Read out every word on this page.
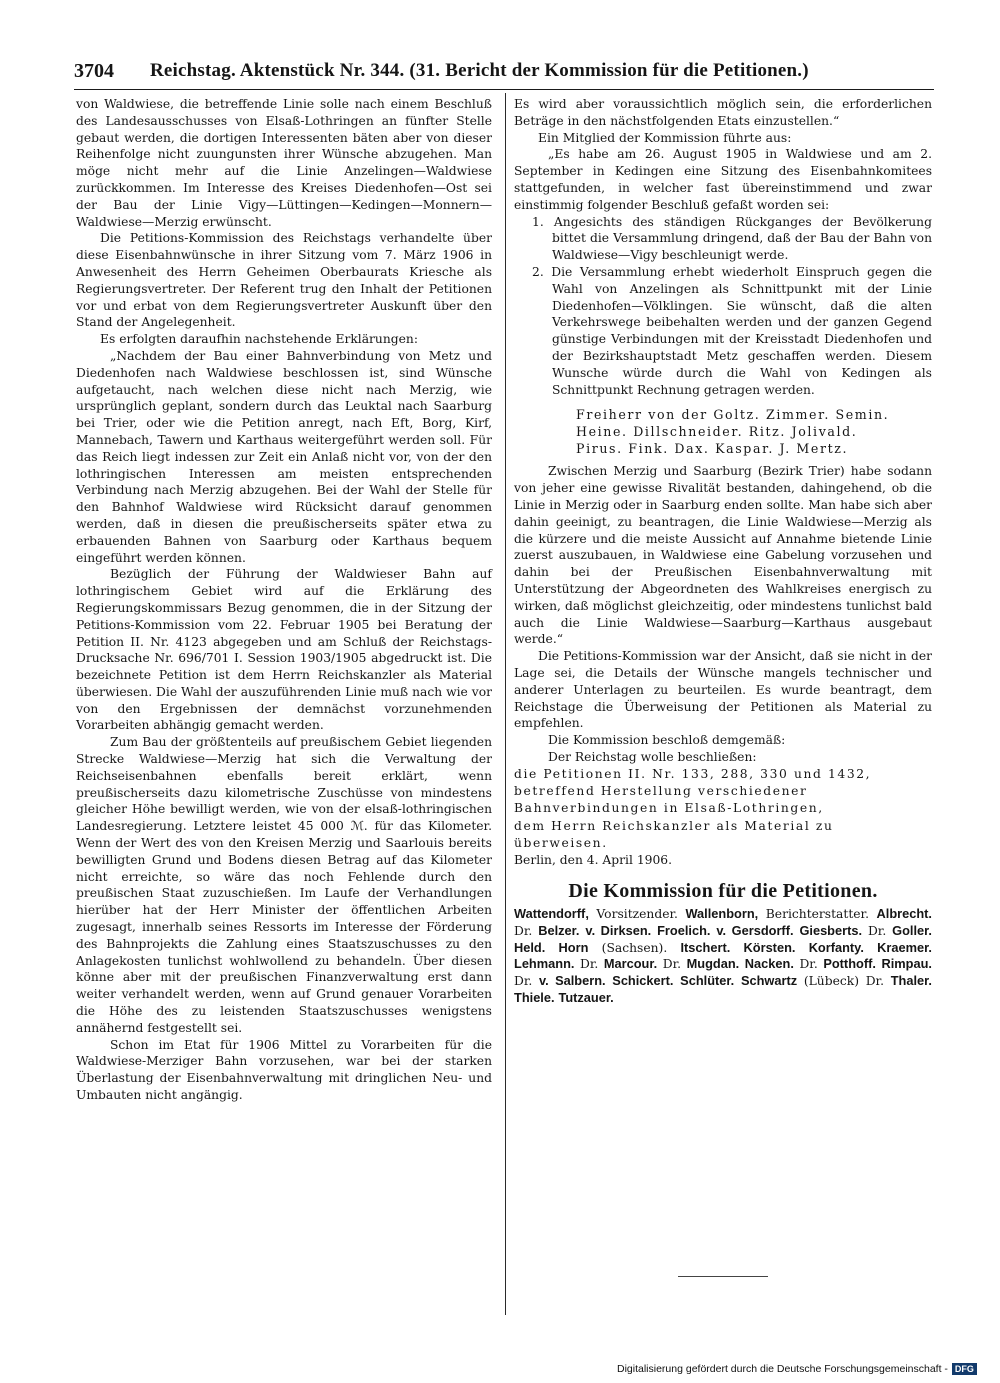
3704 Reichstag. Aktenstück Nr. 344. (31. Bericht der Kommission für die Petitionen.)

von Waldwiese, die betreffende Linie solle nach einem Beschluß des Landesausschusses von Elsaß-Lothringen an fünfter Stelle gebaut werden, die dortigen Interessenten bäten aber von dieser Reihenfolge nicht zuungunsten ihrer Wünsche abzugehen. Man möge nicht mehr auf die Linie Anzelingen—Waldwiese zurückkommen. Im Interesse des Kreises Diedenhofen—Ost sei der Bau der Linie Vigy—Lüttingen—Kedingen—Monnern—Waldwiese—Merzig erwünscht.

Die Petitions-Kommission des Reichstags verhandelte über diese Eisenbahnwünsche in ihrer Sitzung vom 7. März 1906 in Anwesenheit des Herrn Geheimen Oberbaurats Kriesche als Regierungsvertreter. Der Referent trug den Inhalt der Petitionen vor und erbat von dem Regierungsvertreter Auskunft über den Stand der Angelegenheit.

Es erfolgten daraufhin nachstehende Erklärungen:

„Nachdem der Bau einer Bahnverbindung von Metz und Diedenhofen nach Waldwiese beschlossen ist, sind Wünsche aufgetaucht, nach welchen diese nicht nach Merzig, wie ursprünglich geplant, sondern durch das Leuktal nach Saarburg bei Trier, oder wie die Petition anregt, nach Eft, Borg, Kirf, Mannebach, Tawern und Karthaus weitergeführt werden soll. Für das Reich liegt indessen zur Zeit ein Anlaß nicht vor, von der den lothringischen Interessen am meisten entsprechenden Verbindung nach Merzig abzugehen. Bei der Wahl der Stelle für den Bahnhof Waldwiese wird Rücksicht darauf genommen werden, daß in diesen die preußischerseits später etwa zu erbauenden Bahnen von Saarburg oder Karthaus bequem eingeführt werden können.

Bezüglich der Führung der Waldwieser Bahn auf lothringischem Gebiet wird auf die Erklärung des Regierungskommissars Bezug genommen, die in der Sitzung der Petitions-Kommission vom 22. Februar 1905 bei Beratung der Petition II. Nr. 4123 abgegeben und am Schluß der Reichstags-Drucksache Nr. 696/701 I. Session 1903/1905 abgedruckt ist. Die bezeichnete Petition ist dem Herrn Reichskanzler als Material überwiesen. Die Wahl der auszuführenden Linie muß nach wie vor von den Ergebnissen der demnächst vorzunehmenden Vorarbeiten abhängig gemacht werden.

Zum Bau der größtenteils auf preußischem Gebiet liegenden Strecke Waldwiese—Merzig hat sich die Verwaltung der Reichseisenbahnen ebenfalls bereit erklärt, wenn preußischerseits dazu kilometrische Zuschüsse von mindestens gleicher Höhe bewilligt werden, wie von der elsaß-lothringischen Landesregierung. Letztere leistet 45 000 ℳ. für das Kilometer. Wenn der Wert des von den Kreisen Merzig und Saarlouis bereits bewilligten Grund und Bodens diesen Betrag auf das Kilometer nicht erreichte, so wäre das noch Fehlende durch den preußischen Staat zuzuschießen. Im Laufe der Verhandlungen hierüber hat der Herr Minister der öffentlichen Arbeiten zugesagt, innerhalb seines Ressorts im Interesse der Förderung des Bahnprojekts die Zahlung eines Staatszuschusses zu den Anlagekosten tunlichst wohlwollend zu behandeln. Über diesen könne aber mit der preußischen Finanzverwaltung erst dann weiter verhandelt werden, wenn auf Grund genauer Vorarbeiten die Höhe des zu leistenden Staatszuschusses wenigstens annähernd festgestellt sei.

Schon im Etat für 1906 Mittel zu Vorarbeiten für die Waldwiese-Merziger Bahn vorzusehen, war bei der starken Überlastung der Eisenbahnverwaltung mit dringlichen Neu- und Umbauten nicht angängig.

Es wird aber voraussichtlich möglich sein, die erforderlichen Beträge in den nächstfolgenden Etats einzustellen.“

Ein Mitglied der Kommission führte aus:

„Es habe am 26. August 1905 in Waldwiese und am 2. September in Kedingen eine Sitzung des Eisenbahnkomitees stattgefunden, in welcher fast übereinstimmend und zwar einstimmig folgender Beschluß gefaßt worden sei:

1. Angesichts des ständigen Rückganges der Bevölkerung bittet die Versammlung dringend, daß der Bau der Bahn von Waldwiese—Vigy beschleunigt werde.

2. Die Versammlung erhebt wiederholt Einspruch gegen die Wahl von Anzelingen als Schnittpunkt mit der Linie Diedenhofen—Völklingen. Sie wünscht, daß die alten Verkehrswege beibehalten werden und der ganzen Gegend günstige Verbindungen mit der Kreisstadt Diedenhofen und der Bezirkshauptstadt Metz geschaffen werden. Diesem Wunsche würde durch die Wahl von Kedingen als Schnittpunkt Rechnung getragen werden.

Freiherr von der Goltz. Zimmer. Semin.
Heine. Dillschneider. Ritz. Jolivald.
Pirus. Fink. Dax. Kaspar. J. Mertz.

Zwischen Merzig und Saarburg (Bezirk Trier) habe sodann von jeher eine gewisse Rivalität bestanden, dahingehend, ob die Linie in Merzig oder in Saarburg enden sollte. Man habe sich aber dahin geeinigt, zu beantragen, die Linie Waldwiese—Merzig als die kürzere und die meiste Aussicht auf Annahme bietende Linie zuerst auszubauen, in Waldwiese eine Gabelung vorzusehen und dahin bei der Preußischen Eisenbahnverwaltung mit Unterstützung der Abgeordneten des Wahlkreises energisch zu wirken, daß möglichst gleichzeitig, oder mindestens tunlichst bald auch die Linie Waldwiese—Saarburg—Karthaus ausgebaut werde.“

Die Petitions-Kommission war der Ansicht, daß sie nicht in der Lage sei, die Details der Wünsche mangels technischer und anderer Unterlagen zu beurteilen. Es wurde beantragt, dem Reichstage die Überweisung der Petitionen als Material zu empfehlen.

Die Kommission beschloß demgemäß:

Der Reichstag wolle beschließen:

die Petitionen II. Nr. 133, 288, 330 und 1432, betreffend Herstellung verschiedener Bahnverbindungen in Elsaß-Lothringen,

dem Herrn Reichskanzler als Material zu überweisen.

Berlin, den 4. April 1906.

Die Kommission für die Petitionen.

Wattendorff, Vorsitzender. Wallenborn, Berichterstatter. Albrecht. Dr. Belzer. v. Dirksen. Froelich. v. Gersdorff. Giesberts. Dr. Goller. Held. Horn (Sachsen). Itschert. Körsten. Korfanty. Kraemer. Lehmann. Dr. Marcour. Dr. Mugdan. Nacken. Dr. Potthoff. Rimpau. Dr. v. Salbern. Schickert. Schlüter. Schwartz (Lübeck) Dr. Thaler. Thiele. Tutzauer.

Digitalisierung gefördert durch die Deutsche Forschungsgemeinschaft - DFG
